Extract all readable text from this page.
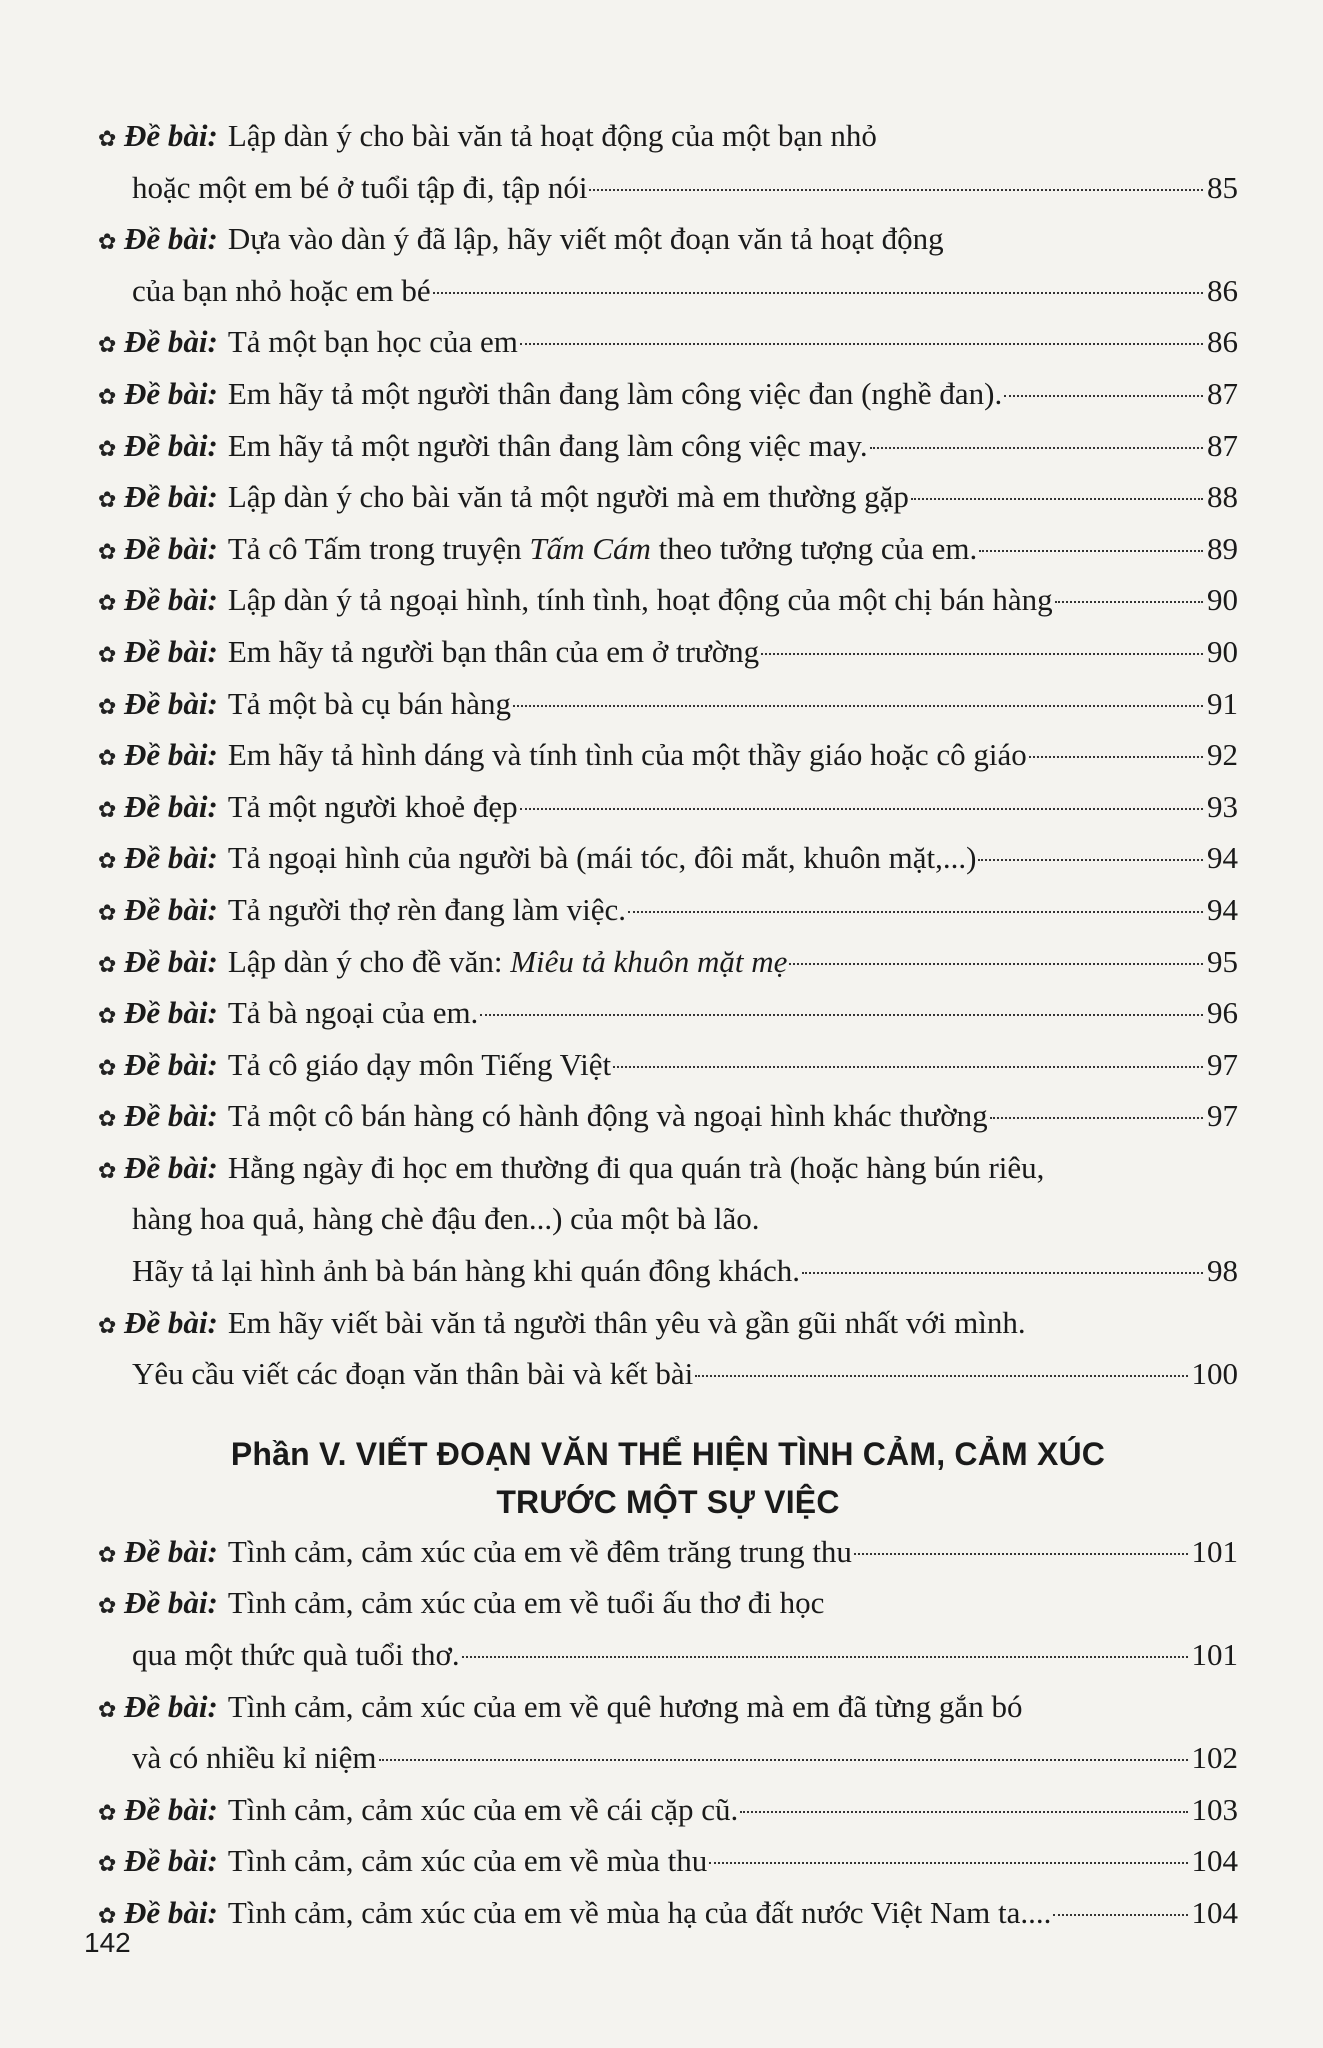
✿ Đề bài: Lập dàn ý cho bài văn tả hoạt động của một bạn nhỏ
hoặc một em bé ở tuổi tập đi, tập nói	85
✿ Đề bài: Dựa vào dàn ý đã lập, hãy viết một đoạn văn tả hoạt động
của bạn nhỏ hoặc em bé	86
✿ Đề bài: Tả một bạn học của em	86
✿ Đề bài: Em hãy tả một người thân đang làm công việc đan (nghề đan).	87
✿ Đề bài: Em hãy tả một người thân đang làm công việc may.	87
✿ Đề bài: Lập dàn ý cho bài văn tả một người mà em thường gặp	88
✿ Đề bài: Tả cô Tấm trong truyện Tấm Cám theo tưởng tượng của em.	89
✿ Đề bài: Lập dàn ý tả ngoại hình, tính tình, hoạt động của một chị bán hàng	90
✿ Đề bài: Em hãy tả người bạn thân của em ở trường	90
✿ Đề bài: Tả một bà cụ bán hàng	91
✿ Đề bài: Em hãy tả hình dáng và tính tình của một thầy giáo hoặc cô giáo	92
✿ Đề bài: Tả một người khoẻ đẹp	93
✿ Đề bài: Tả ngoại hình của người bà (mái tóc, đôi mắt, khuôn mặt,...)	94
✿ Đề bài: Tả người thợ rèn đang làm việc.	94
✿ Đề bài: Lập dàn ý cho đề văn: Miêu tả khuôn mặt mẹ	95
✿ Đề bài: Tả bà ngoại của em.	96
✿ Đề bài: Tả cô giáo dạy môn Tiếng Việt	97
✿ Đề bài: Tả một cô bán hàng có hành động và ngoại hình khác thường	97
✿ Đề bài: Hằng ngày đi học em thường đi qua quán trà (hoặc hàng bún riêu,
hàng hoa quả, hàng chè đậu đen...) của một bà lão.
Hãy tả lại hình ảnh bà bán hàng khi quán đông khách.	98
✿ Đề bài: Em hãy viết bài văn tả người thân yêu và gần gũi nhất với mình.
Yêu cầu viết các đoạn văn thân bài và kết bài	100
Phần V. VIẾT ĐOẠN VĂN THỂ HIỆN TÌNH CẢM, CẢM XÚC
TRƯỚC MỘT SỰ VIỆC
✿ Đề bài: Tình cảm, cảm xúc của em về đêm trăng trung thu	101
✿ Đề bài: Tình cảm, cảm xúc của em về tuổi ấu thơ đi học
qua một thức quà tuổi thơ.	101
✿ Đề bài: Tình cảm, cảm xúc của em về quê hương mà em đã từng gắn bó
và có nhiều kỉ niệm	102
✿ Đề bài: Tình cảm, cảm xúc của em về cái cặp cũ.	103
✿ Đề bài: Tình cảm, cảm xúc của em về mùa thu	104
✿ Đề bài: Tình cảm, cảm xúc của em về mùa hạ của đất nước Việt Nam ta....	104
142
